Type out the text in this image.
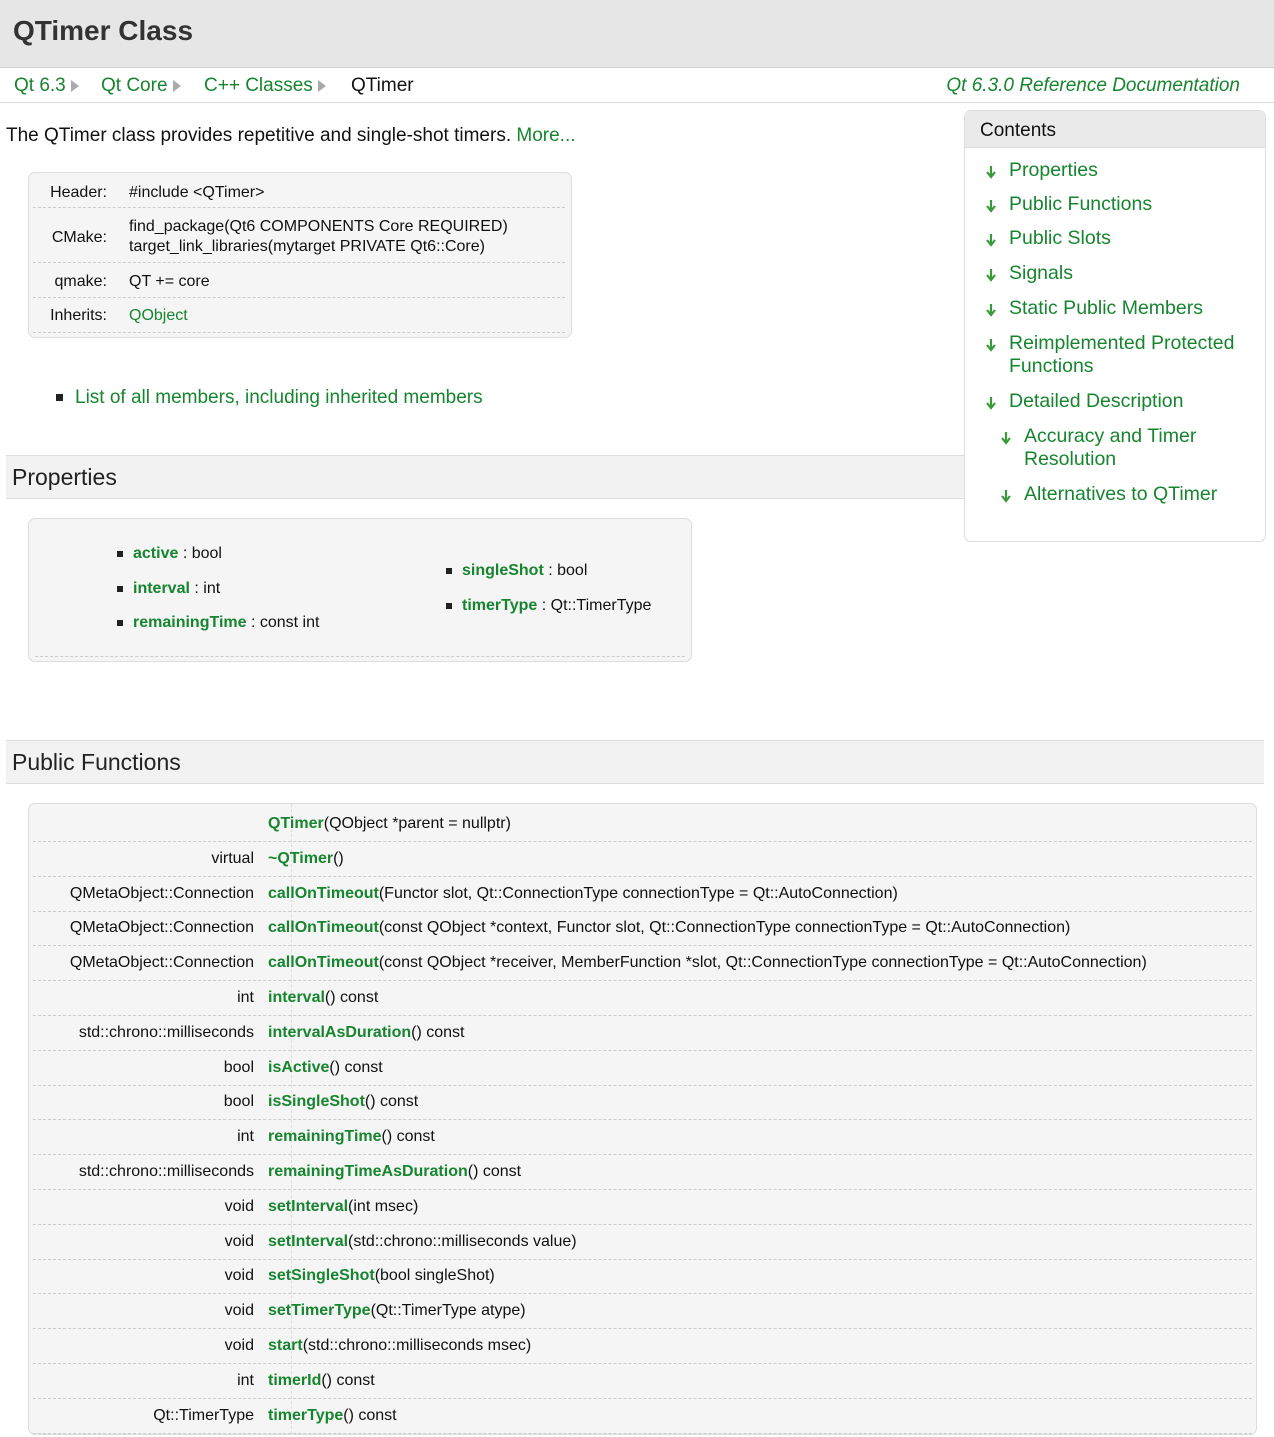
QTimer Class
Qt 6.3	Qt Core	C++ Classes	QTimer	Qt 6.3.0 Reference Documentation
The QTimer class provides repetitive and single-shot timers. More...
Header: #include <QTimer>
CMake:
find_package(Qt6 COMPONENTS Core REQUIRED)
target_link_libraries(mytarget PRIVATE Qt6::Core)
qmake: QT += core
Inherits: QObject
List of all members, including inherited members
Properties
active : bool
interval : int
remainingTime : const int
singleShot : bool
timerType : Qt::TimerType
Contents
Properties
Public Functions
Public Slots
Signals
Static Public Members
Reimplemented Protected
Functions
Detailed Description
Accuracy and Timer
Resolution
Alternatives to QTimer
Public Functions
QTimer(QObject *parent = nullptr)
virtual ~QTimer()
QMetaObject::Connection callOnTimeout(Functor slot, Qt::ConnectionType connectionType = Qt::AutoConnection)
QMetaObject::Connection callOnTimeout(const QObject *context, Functor slot, Qt::ConnectionType connectionType = Qt::AutoConnection)
QMetaObject::Connection callOnTimeout(const QObject *receiver, MemberFunction *slot, Qt::ConnectionType connectionType = Qt::AutoConnection)
int interval() const
std::chrono::milliseconds intervalAsDuration() const
bool isActive() const
bool isSingleShot() const
int remainingTime() const
std::chrono::milliseconds remainingTimeAsDuration() const
void setInterval(int msec)
void setInterval(std::chrono::milliseconds value)
void setSingleShot(bool singleShot)
void setTimerType(Qt::TimerType atype)
void start(std::chrono::milliseconds msec)
int timerId() const
Qt::TimerType timerType() const
